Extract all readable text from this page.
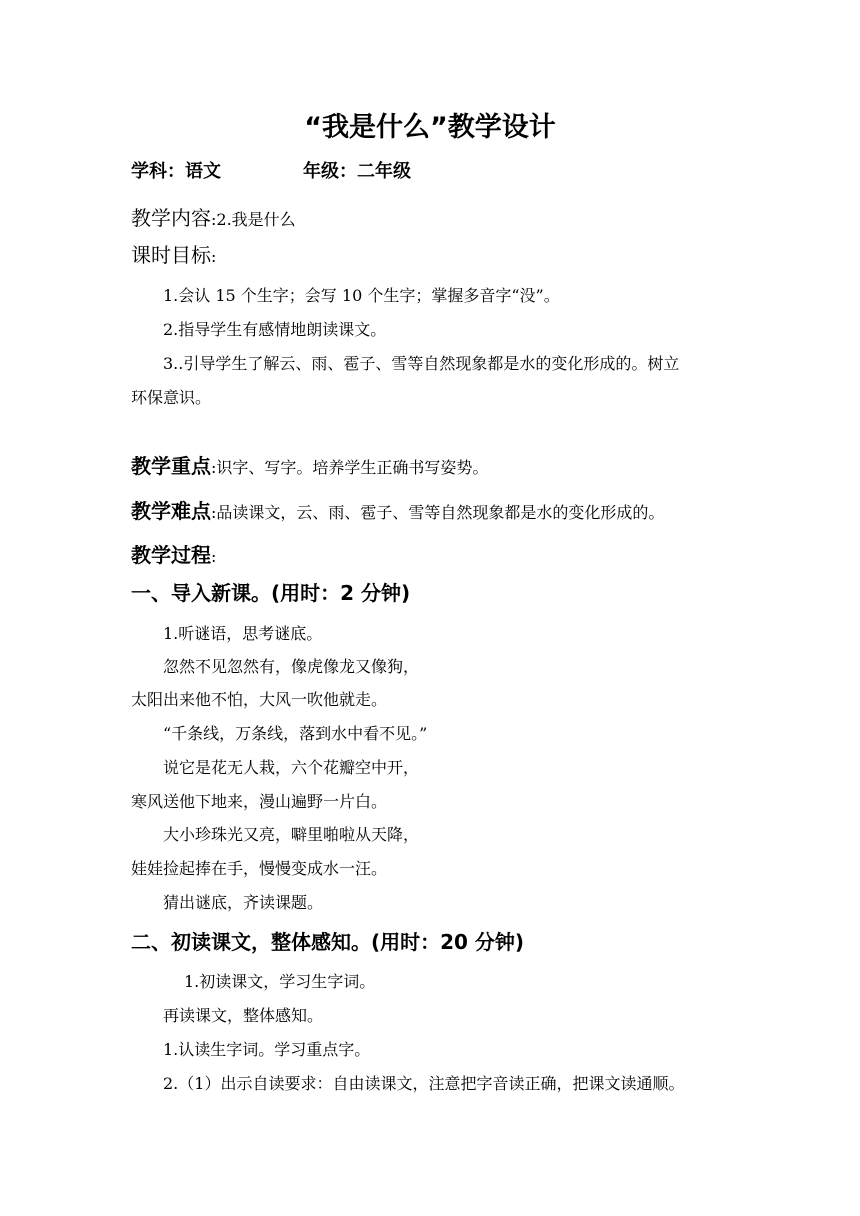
“我是什么”教学设计
学科：语文	年级：二年级
教学内容:2.我是什么
课时目标:
1.会认 15 个生字；会写 10 个生字；掌握多音字“没”。
2.指导学生有感情地朗读课文。
3..引导学生了解云、雨、雹子、雪等自然现象都是水的变化形成的。树立
环保意识。
教学重点:识字、写字。培养学生正确书写姿势。
教学难点:品读课文，云、雨、雹子、雪等自然现象都是水的变化形成的。
教学过程:
一、导入新课。(用时：2 分钟)
1.听谜语，思考谜底。
忽然不见忽然有，像虎像龙又像狗，
太阳出来他不怕，大风一吹他就走。
“千条线，万条线，落到水中看不见。”
说它是花无人栽，六个花瓣空中开，
寒风送他下地来，漫山遍野一片白。
大小珍珠光又亮，噼里啪啦从天降，
娃娃捡起捧在手，慢慢变成水一汪。
猜出谜底，齐读课题。
二、初读课文，整体感知。(用时：20 分钟)
1.初读课文，学习生字词。
再读课文，整体感知。
1.认读生字词。学习重点字。
2.（1）出示自读要求：自由读课文，注意把字音读正确，把课文读通顺。
